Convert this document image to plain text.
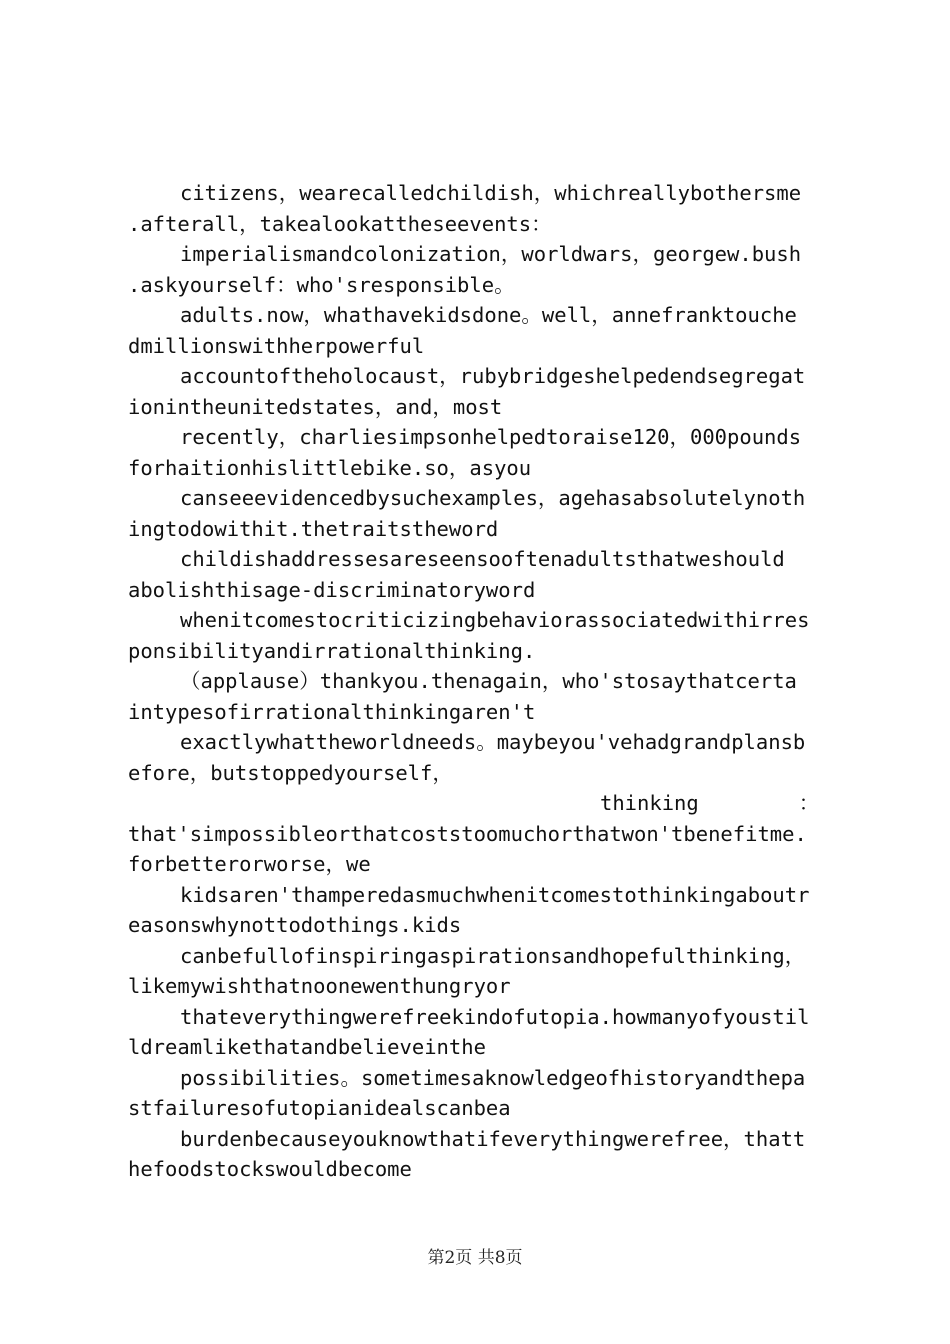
citizens，wearecalledchildish，whichreallybothersme
.afterall，takealookattheseevents：
imperialismandcolonization，worldwars，georgew.bush
.askyourself：who'sresponsible。
adults.now，whathavekidsdone。well，annefranktouche
dmillionswithherpowerful
accountoftheholocaust，rubybridgeshelpedendsegregat
ionintheunitedstates，and，most
recently，charliesimpsonhelpedtoraise120，000pounds
forhaitionhislittlebike.so，asyou
canseeevidencedbysuchexamples，agehasabsolutelynoth
ingtodowithit.thetraitstheword
childishaddressesareseensooftenadultsthatweshould
abolishthisage-discriminatoryword
whenitcomestocriticizingbehaviorassociatedwithirres
ponsibilityandirrationalthinking.
（applause）thankyou.thenagain，who'stosaythatcerta
intypesofirrationalthinkingaren't
exactlywhattheworldneeds。maybeyou'vehadgrandplansb
efore，butstoppedyourself，
thinking	：
that'simpossibleorthatcoststoomuchorthatwon'tbenefitme.
forbetterorworse，we
kidsaren'thamperedasmuchwhenitcomestothinkingaboutr
easonswhynottodothings.kids
canbefullofinspiringaspirationsandhopefulthinking，
likemywishthatnoonewenthungryor
thateverythingwerefreekindofutopia.howmanyofyoustil
ldreamlikethatandbelieveinthe
possibilities。sometimesaknowledgeofhistoryandthepa
stfailuresofutopianidealscanbea
burdenbecauseyouknowthatifeverythingwerefree，thatt
hefoodstockswouldbecome
第2页 共8页
